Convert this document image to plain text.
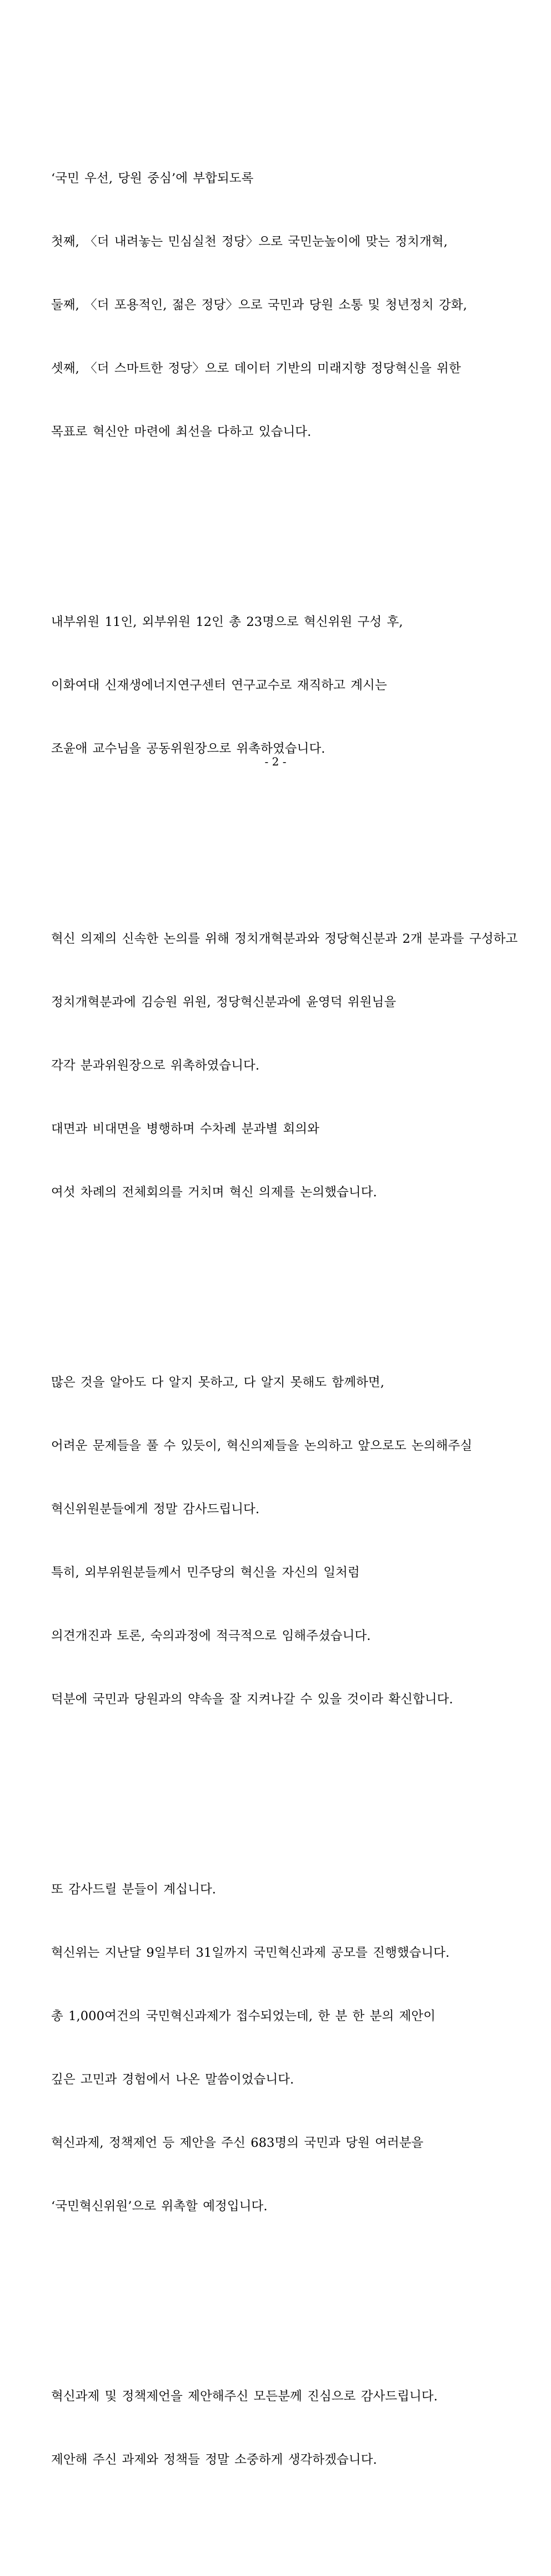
‘국민 우선, 당원 중심’에 부합되도록

첫째, 〈더 내려놓는 민심실천 정당〉으로 국민눈높이에 맞는 정치개혁,

둘째, 〈더 포용적인, 젊은 정당〉으로 국민과 당원 소통 및 청년정치 강화,

셋째, 〈더 스마트한 정당〉으로 데이터 기반의 미래지향 정당혁신을 위한

목표로 혁신안 마련에 최선을 다하고 있습니다.

내부위원 11인, 외부위원 12인 총 23명으로 혁신위원 구성 후,

이화여대 신재생에너지연구센터 연구교수로 재직하고 계시는

조윤애 교수님을 공동위원장으로 위촉하였습니다.

혁신 의제의 신속한 논의를 위해 정치개혁분과와 정당혁신분과 2개 분과를 구성하고

정치개혁분과에 김승원 위원, 정당혁신분과에 윤영덕 위원님을

각각 분과위원장으로 위촉하였습니다.

대면과 비대면을 병행하며 수차례 분과별 회의와

여섯 차례의 전체회의를 거치며 혁신 의제를 논의했습니다.

많은 것을 알아도 다 알지 못하고, 다 알지 못해도 함께하면,

어려운 문제들을 풀 수 있듯이, 혁신의제들을 논의하고 앞으로도 논의해주실

혁신위원분들에게 정말 감사드립니다.

특히, 외부위원분들께서 민주당의 혁신을 자신의 일처럼

의견개진과 토론, 숙의과정에 적극적으로 임해주셨습니다.

덕분에 국민과 당원과의 약속을 잘 지켜나갈 수 있을 것이라 확신합니다.

또 감사드릴 분들이 계십니다.

혁신위는 지난달 9일부터 31일까지 국민혁신과제 공모를 진행했습니다.

총 1,000여건의 국민혁신과제가 접수되었는데, 한 분 한 분의 제안이

깊은 고민과 경험에서 나온 말씀이었습니다.

혁신과제, 정책제언 등 제안을 주신 683명의 국민과 당원 여러분을

‘국민혁신위원’으로 위촉할 예정입니다.

혁신과제 및 정책제언을 제안해주신 모든분께 진심으로 감사드립니다.

제안해 주신 과제와 정책들 정말 소중하게 생각하겠습니다.

- 2 -
